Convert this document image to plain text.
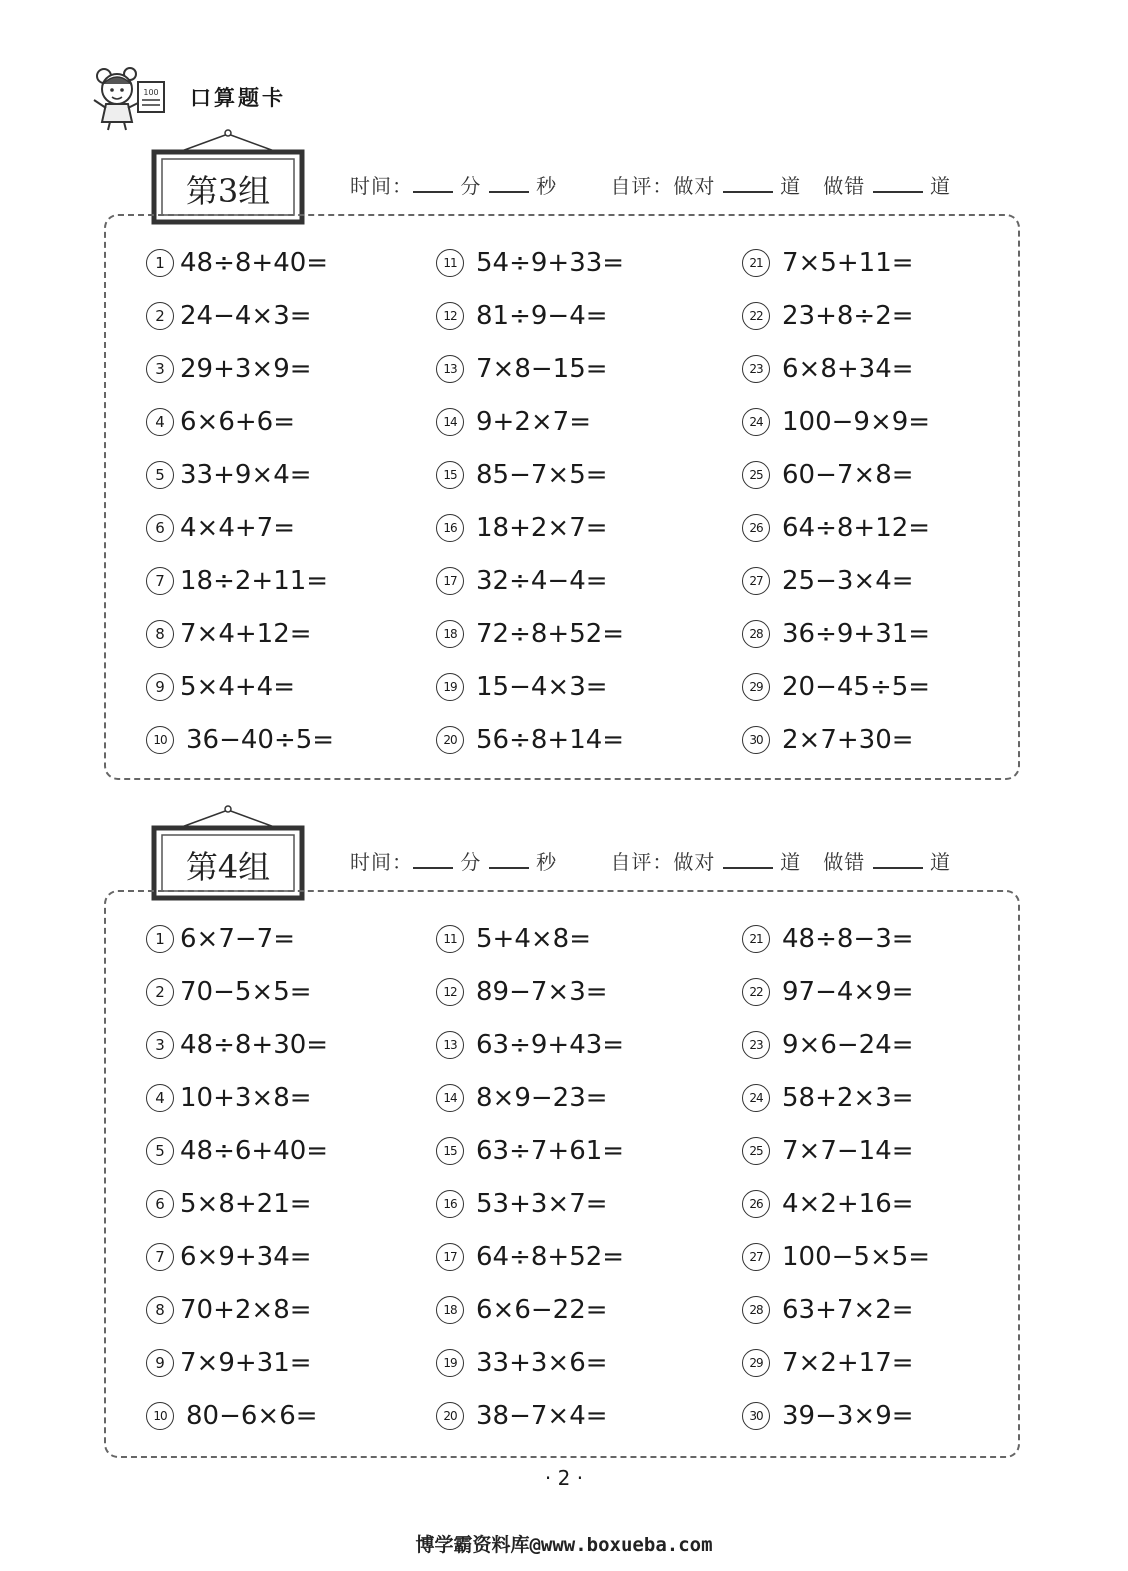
100 口算题卡
第3组	时间： 分	秒	自评：做对	道 做错	道
1 48÷8+40=
2 24−4×3=
3 29+3×9=
4 6×6+6=
5 33+9×4=
6 4×4+7=
7 18÷2+11=
8 7×4+12=
9 5×4+4=
10 36−40÷5=
11 54÷9+33=
12 81÷9−4=
13 7×8−15=
14 9+2×7=
15 85−7×5=
16 18+2×7=
17 32÷4−4=
18 72÷8+52=
19 15−4×3=
20 56÷8+14=
21 7×5+11=
22 23+8÷2=
23 6×8+34=
24 100−9×9=
25 60−7×8=
26 64÷8+12=
27 25−3×4=
28 36÷9+31=
29 20−45÷5=
30 2×7+30=
第4组	时间： 分	秒	自评：做对	道 做错	道
1 6×7−7=
2 70−5×5=
3 48÷8+30=
4 10+3×8=
5 48÷6+40=
6 5×8+21=
7 6×9+34=
8 70+2×8=
9 7×9+31=
10 80−6×6=
11 5+4×8=
12 89−7×3=
13 63÷9+43=
14 8×9−23=
15 63÷7+61=
16 53+3×7=
17 64÷8+52=
18 6×6−22=
19 33+3×6=
20 38−7×4=
21 48÷8−3=
22 97−4×9=
23 9×6−24=
24 58+2×3=
25 7×7−14=
26 4×2+16=
27 100−5×5=
28 63+7×2=
29 7×2+17=
30 39−3×9=
· 2 ·
博学霸资料库@www.boxueba.com
